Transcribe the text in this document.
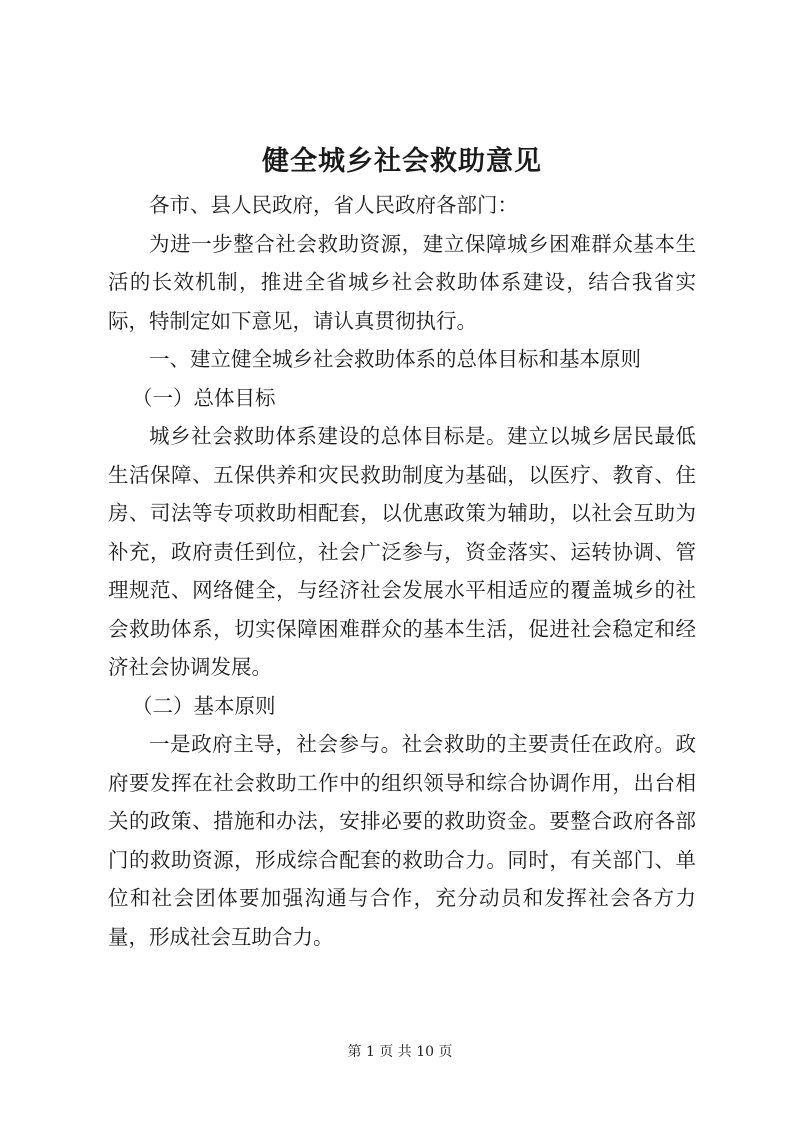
健全城乡社会救助意见

各市、县人民政府，省人民政府各部门：

为进一步整合社会救助资源，建立保障城乡困难群众基本生活的长效机制，推进全省城乡社会救助体系建设，结合我省实际，特制定如下意见，请认真贯彻执行。

一、建立健全城乡社会救助体系的总体目标和基本原则

（一）总体目标

城乡社会救助体系建设的总体目标是。建立以城乡居民最低生活保障、五保供养和灾民救助制度为基础，以医疗、教育、住房、司法等专项救助相配套，以优惠政策为辅助，以社会互助为补充，政府责任到位，社会广泛参与，资金落实、运转协调、管理规范、网络健全，与经济社会发展水平相适应的覆盖城乡的社会救助体系，切实保障困难群众的基本生活，促进社会稳定和经济社会协调发展。

（二）基本原则

一是政府主导，社会参与。社会救助的主要责任在政府。政府要发挥在社会救助工作中的组织领导和综合协调作用，出台相关的政策、措施和办法，安排必要的救助资金。要整合政府各部门的救助资源，形成综合配套的救助合力。同时，有关部门、单位和社会团体要加强沟通与合作，充分动员和发挥社会各方力量，形成社会互助合力。

第 1 页 共 10 页
